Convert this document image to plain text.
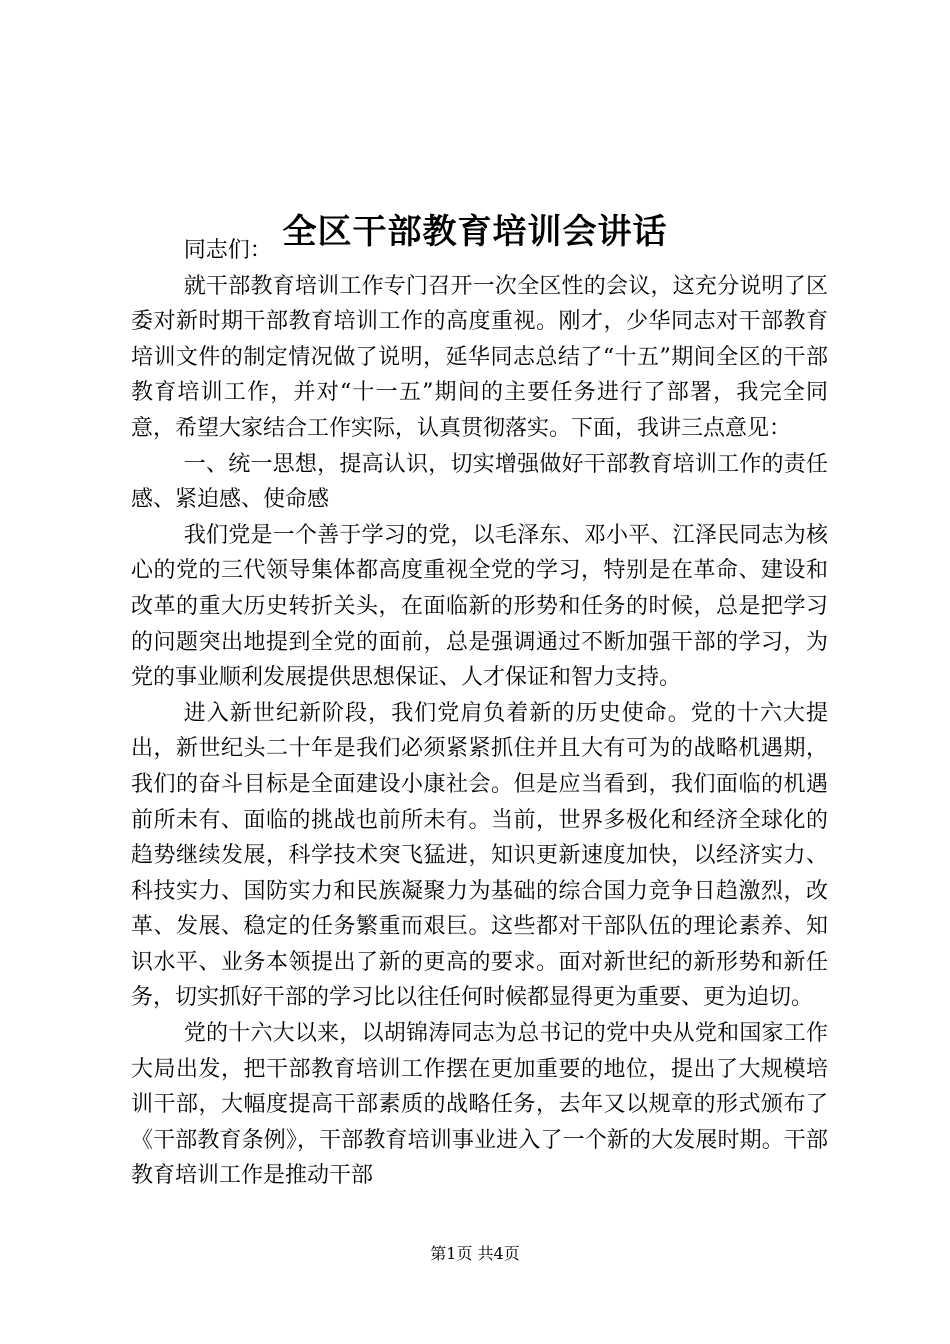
全区干部教育培训会讲话

同志们：

就干部教育培训工作专门召开一次全区性的会议，这充分说明了区委对新时期干部教育培训工作的高度重视。刚才，少华同志对干部教育培训文件的制定情况做了说明，延华同志总结了“十五”期间全区的干部教育培训工作，并对“十一五”期间的主要任务进行了部署，我完全同意，希望大家结合工作实际，认真贯彻落实。下面，我讲三点意见：

一、统一思想，提高认识，切实增强做好干部教育培训工作的责任感、紧迫感、使命感

我们党是一个善于学习的党，以毛泽东、邓小平、江泽民同志为核心的党的三代领导集体都高度重视全党的学习，特别是在革命、建设和改革的重大历史转折关头，在面临新的形势和任务的时候，总是把学习的问题突出地提到全党的面前，总是强调通过不断加强干部的学习，为党的事业顺利发展提供思想保证、人才保证和智力支持。

进入新世纪新阶段，我们党肩负着新的历史使命。党的十六大提出，新世纪头二十年是我们必须紧紧抓住并且大有可为的战略机遇期，我们的奋斗目标是全面建设小康社会。但是应当看到，我们面临的机遇前所未有、面临的挑战也前所未有。当前，世界多极化和经济全球化的趋势继续发展，科学技术突飞猛进，知识更新速度加快，以经济实力、科技实力、国防实力和民族凝聚力为基础的综合国力竞争日趋激烈，改革、发展、稳定的任务繁重而艰巨。这些都对干部队伍的理论素养、知识水平、业务本领提出了新的更高的要求。面对新世纪的新形势和新任务，切实抓好干部的学习比以往任何时候都显得更为重要、更为迫切。

党的十六大以来，以胡锦涛同志为总书记的党中央从党和国家工作大局出发，把干部教育培训工作摆在更加重要的地位，提出了大规模培训干部，大幅度提高干部素质的战略任务，去年又以规章的形式颁布了《干部教育条例》，干部教育培训事业进入了一个新的大发展时期。干部教育培训工作是推动干部

第1页 共4页
